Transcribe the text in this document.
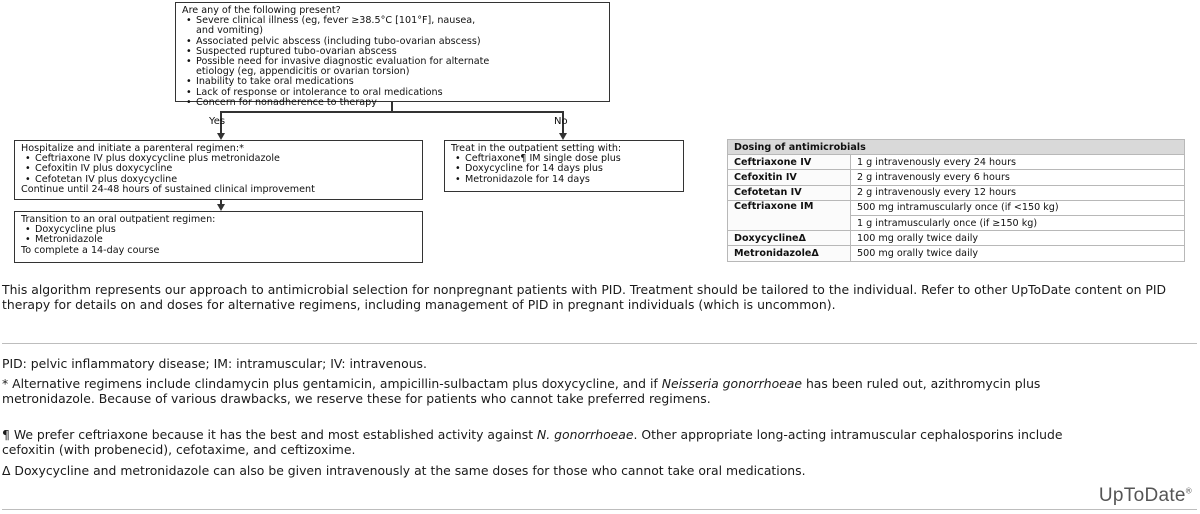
Are any of the following present?
• Severe clinical illness (eg, fever ≥38.5°C [101°F], nausea,
and vomiting)
• Associated pelvic abscess (including tubo-ovarian abscess)
• Suspected ruptured tubo-ovarian abscess
• Possible need for invasive diagnostic evaluation for alternate
etiology (eg, appendicitis or ovarian torsion)
• Inability to take oral medications
• Lack of response or intolerance to oral medications
• Concern for nonadherence to therapy
Yes	No
Hospitalize and initiate a parenteral regimen:*
• Ceftriaxone IV plus doxycycline plus metronidazole
• Cefoxitin IV plus doxycycline
• Cefotetan IV plus doxycycline
Continue until 24-48 hours of sustained clinical improvement
Transition to an oral outpatient regimen:
• Doxycycline plus
• Metronidazole
To complete a 14-day course
Treat in the outpatient setting with:
• Ceftriaxone¶ IM single dose plus
• Doxycycline for 14 days plus
• Metronidazole for 14 days
Dosing of antimicrobials	
Ceftriaxone IV	1 g intravenously every 24 hours
Cefoxitin IV	2 g intravenously every 6 hours
Cefotetan IV	2 g intravenously every 12 hours
Ceftriaxone IM	500 mg intramuscularly once (if <150 kg)
	1 g intramuscularly once (if ≥150 kg)
DoxycyclineΔ	100 mg orally twice daily
MetronidazoleΔ	500 mg orally twice daily
This algorithm represents our approach to antimicrobial selection for nonpregnant patients with PID. Treatment should be tailored to the individual. Refer to other UpToDate content on PID therapy for details on and doses for alternative regimens, including management of PID in pregnant individuals (which is uncommon).
PID: pelvic inflammatory disease; IM: intramuscular; IV: intravenous.
* Alternative regimens include clindamycin plus gentamicin, ampicillin-sulbactam plus doxycycline, and if Neisseria gonorrhoeae has been ruled out, azithromycin plus metronidazole. Because of various drawbacks, we reserve these for patients who cannot take preferred regimens.
¶ We prefer ceftriaxone because it has the best and most established activity against N. gonorrhoeae. Other appropriate long-acting intramuscular cephalosporins include cefoxitin (with probenecid), cefotaxime, and ceftizoxime.
Δ Doxycycline and metronidazole can also be given intravenously at the same doses for those who cannot take oral medications.
UpToDate®
